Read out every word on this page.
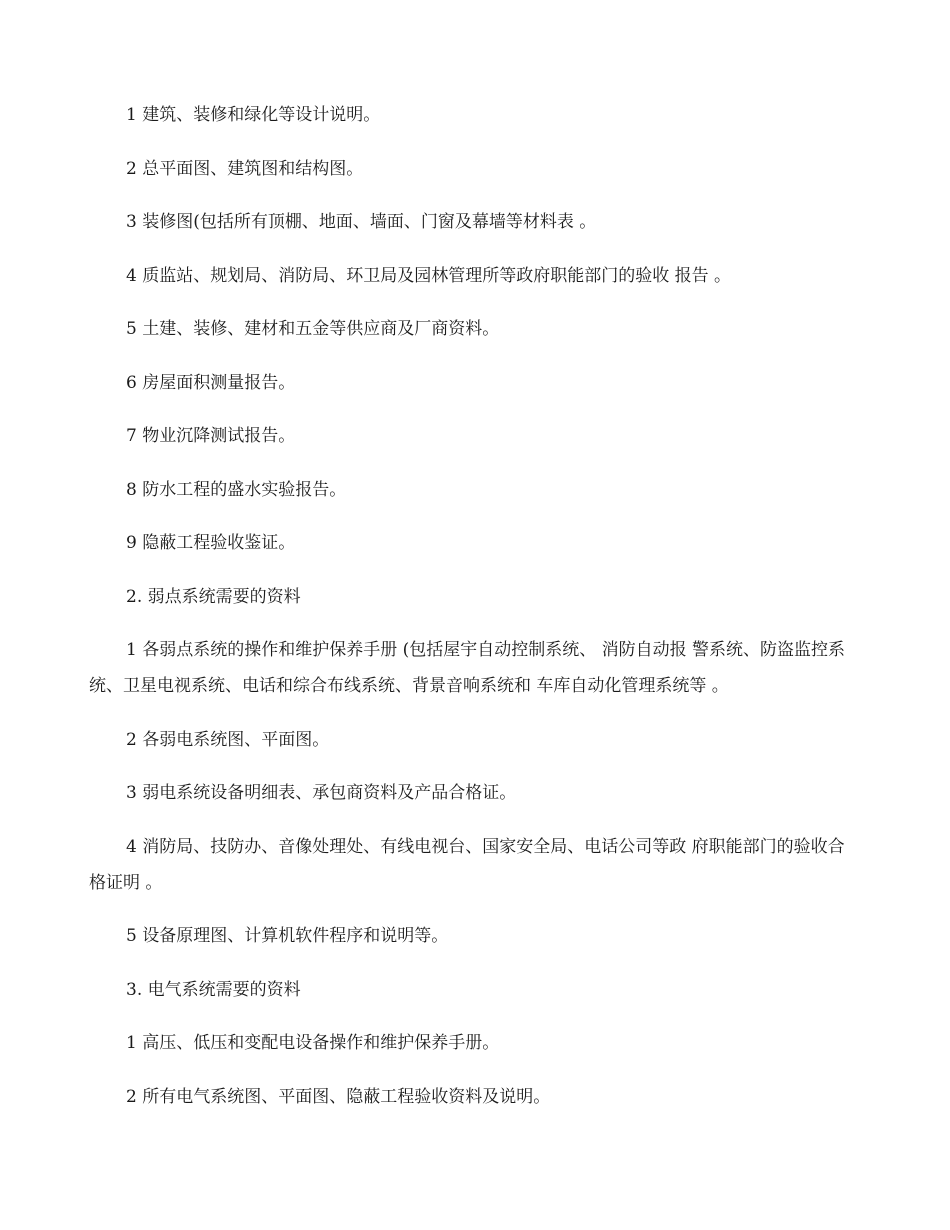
1 建筑、装修和绿化等设计说明。

2 总平面图、建筑图和结构图。

3 装修图(包括所有顶棚、地面、墙面、门窗及幕墙等材料表 。

4 质监站、规划局、消防局、环卫局及园林管理所等政府职能部门的验收 报告 。

5 土建、装修、建材和五金等供应商及厂商资料。

6 房屋面积测量报告。

7 物业沉降测试报告。

8 防水工程的盛水实验报告。

9 隐蔽工程验收鉴证。

2. 弱点系统需要的资料

1 各弱点系统的操作和维护保养手册 (包括屋宇自动控制系统、 消防自动报 警系统、防盗监控系统、卫星电视系统、电话和综合布线系统、背景音响系统和 车库自动化管理系统等 。

2 各弱电系统图、平面图。

3 弱电系统设备明细表、承包商资料及产品合格证。

4 消防局、技防办、音像处理处、有线电视台、国家安全局、电话公司等政 府职能部门的验收合格证明 。

5 设备原理图、计算机软件程序和说明等。

3. 电气系统需要的资料

1 高压、低压和变配电设备操作和维护保养手册。

2 所有电气系统图、平面图、隐蔽工程验收资料及说明。
